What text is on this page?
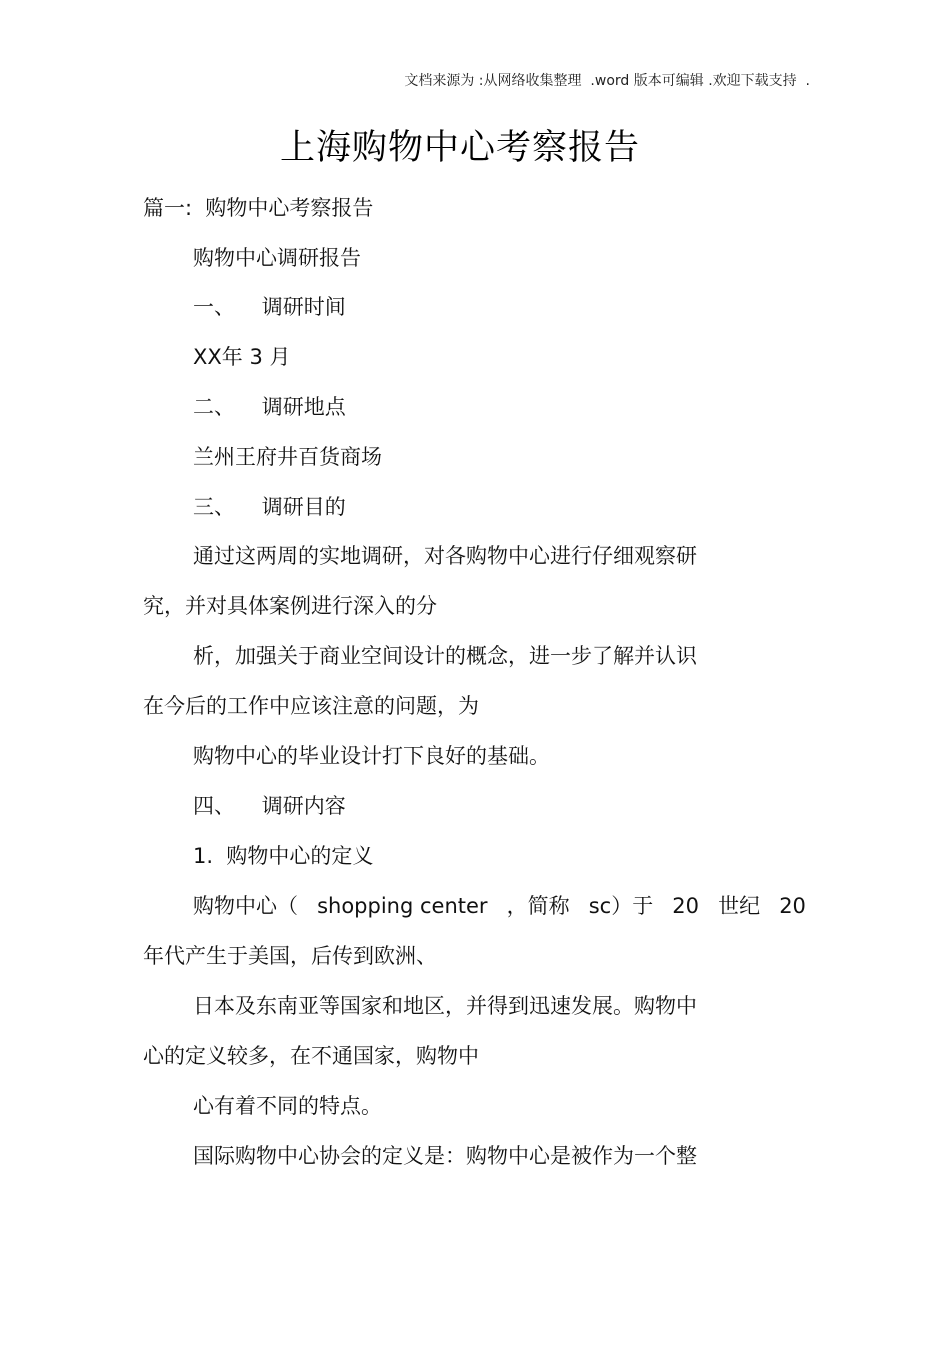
文档来源为 :从网络收集整理  .word 版本可编辑 .欢迎下载支持  .
上海购物中心考察报告
篇一:  购物中心考察报告
购物中心调研报告
一、    调研时间
XX年 3 月
二、    调研地点
兰州王府井百货商场
三、    调研目的
通过这两周的实地调研，对各购物中心进行仔细观察研
究，并对具体案例进行深入的分
析，加强关于商业空间设计的概念，进一步了解并认识
在今后的工作中应该注意的问题，为
购物中心的毕业设计打下良好的基础。
四、    调研内容
1.  购物中心的定义
购物中心（ shopping center ，简称 sc）于 20 世纪 20
年代产生于美国，后传到欧洲、
日本及东南亚等国家和地区，并得到迅速发展。购物中
心的定义较多，在不通国家，购物中
心有着不同的特点。
国际购物中心协会的定义是：购物中心是被作为一个整
